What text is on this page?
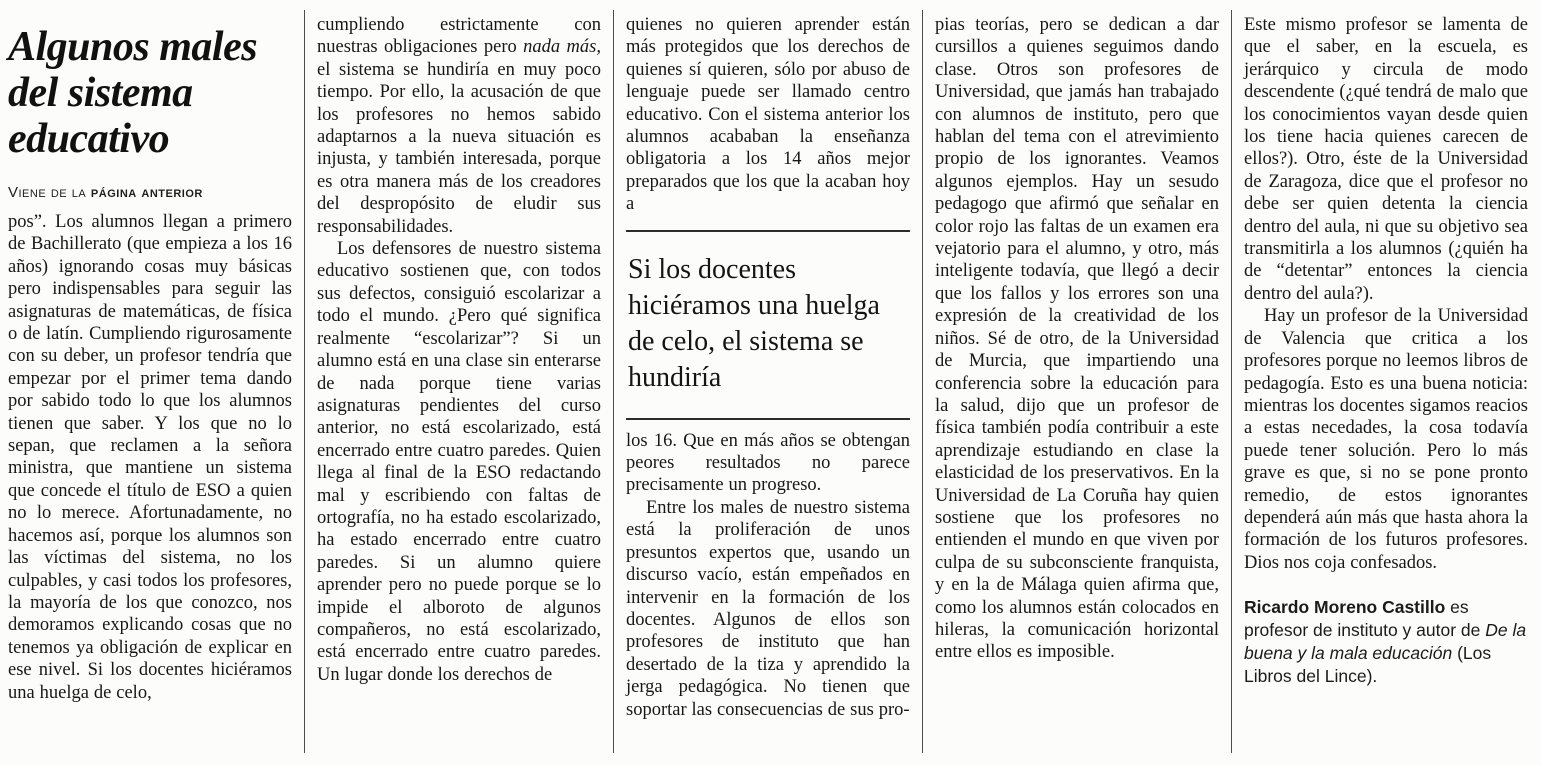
Algunos males del sistema educativo
Viene de la página anterior

pos”. Los alumnos llegan a primero de Bachillerato (que empieza a los 16 años) ignorando cosas muy básicas pero indispensables para seguir las asignaturas de matemáticas, de física o de latín. Cumpliendo rigurosamente con su deber, un profesor tendría que empezar por el primer tema dando por sabido todo lo que los alumnos tienen que saber. Y los que no lo sepan, que reclamen a la señora ministra, que mantiene un sistema que concede el título de ESO a quien no lo merece. Afortunadamente, no hacemos así, porque los alumnos son las víctimas del sistema, no los culpables, y casi todos los profesores, la mayoría de los que conozco, nos demoramos explicando cosas que no tenemos ya obligación de explicar en ese nivel. Si los docentes hiciéramos una huelga de celo,

cumpliendo estrictamente con nuestras obligaciones pero nada más, el sistema se hundiría en muy poco tiempo. Por ello, la acusación de que los profesores no hemos sabido adaptarnos a la nueva situación es injusta, y también interesada, porque es otra manera más de los creadores del despropósito de eludir sus responsabilidades.

Los defensores de nuestro sistema educativo sostienen que, con todos sus defectos, consiguió escolarizar a todo el mundo. ¿Pero qué significa realmente “escolarizar”? Si un alumno está en una clase sin enterarse de nada porque tiene varias asignaturas pendientes del curso anterior, no está escolarizado, está encerrado entre cuatro paredes. Quien llega al final de la ESO redactando mal y escribiendo con faltas de ortografía, no ha estado escolarizado, ha estado encerrado entre cuatro paredes. Si un alumno quiere aprender pero no puede porque se lo impide el alboroto de algunos compañeros, no está escolarizado, está encerrado entre cuatro paredes. Un lugar donde los derechos de

quienes no quieren aprender están más protegidos que los derechos de quienes sí quieren, sólo por abuso de lenguaje puede ser llamado centro educativo. Con el sistema anterior los alumnos acababan la enseñanza obligatoria a los 14 años mejor preparados que los que la acaban hoy a

Si los docentes hiciéramos una huelga de celo, el sistema se hundiría

los 16. Que en más años se obtengan peores resultados no parece precisamente un progreso.

Entre los males de nuestro sistema está la proliferación de unos presuntos expertos que, usando un discurso vacío, están empeñados en intervenir en la formación de los docentes. Algunos de ellos son profesores de instituto que han desertado de la tiza y aprendido la jerga pedagógica. No tienen que soportar las consecuencias de sus pro-

pias teorías, pero se dedican a dar cursillos a quienes seguimos dando clase. Otros son profesores de Universidad, que jamás han trabajado con alumnos de instituto, pero que hablan del tema con el atrevimiento propio de los ignorantes. Veamos algunos ejemplos. Hay un sesudo pedagogo que afirmó que señalar en color rojo las faltas de un examen era vejatorio para el alumno, y otro, más inteligente todavía, que llegó a decir que los fallos y los errores son una expresión de la creatividad de los niños. Sé de otro, de la Universidad de Murcia, que impartiendo una conferencia sobre la educación para la salud, dijo que un profesor de física también podía contribuir a este aprendizaje estudiando en clase la elasticidad de los preservativos. En la Universidad de La Coruña hay quien sostiene que los profesores no entienden el mundo en que viven por culpa de su subconsciente franquista, y en la de Málaga quien afirma que, como los alumnos están colocados en hileras, la comunicación horizontal entre ellos es imposible.

Este mismo profesor se lamenta de que el saber, en la escuela, es jerárquico y circula de modo descendente (¿qué tendrá de malo que los conocimientos vayan desde quien los tiene hacia quienes carecen de ellos?). Otro, éste de la Universidad de Zaragoza, dice que el profesor no debe ser quien detenta la ciencia dentro del aula, ni que su objetivo sea transmitirla a los alumnos (¿quién ha de “detentar” entonces la ciencia dentro del aula?).

Hay un profesor de la Universidad de Valencia que critica a los profesores porque no leemos libros de pedagogía. Esto es una buena noticia: mientras los docentes sigamos reacios a estas necedades, la cosa todavía puede tener solución. Pero lo más grave es que, si no se pone pronto remedio, de estos ignorantes dependerá aún más que hasta ahora la formación de los futuros profesores. Dios nos coja confesados.

Ricardo Moreno Castillo es profesor de instituto y autor de De la buena y la mala educación (Los Libros del Lince).
